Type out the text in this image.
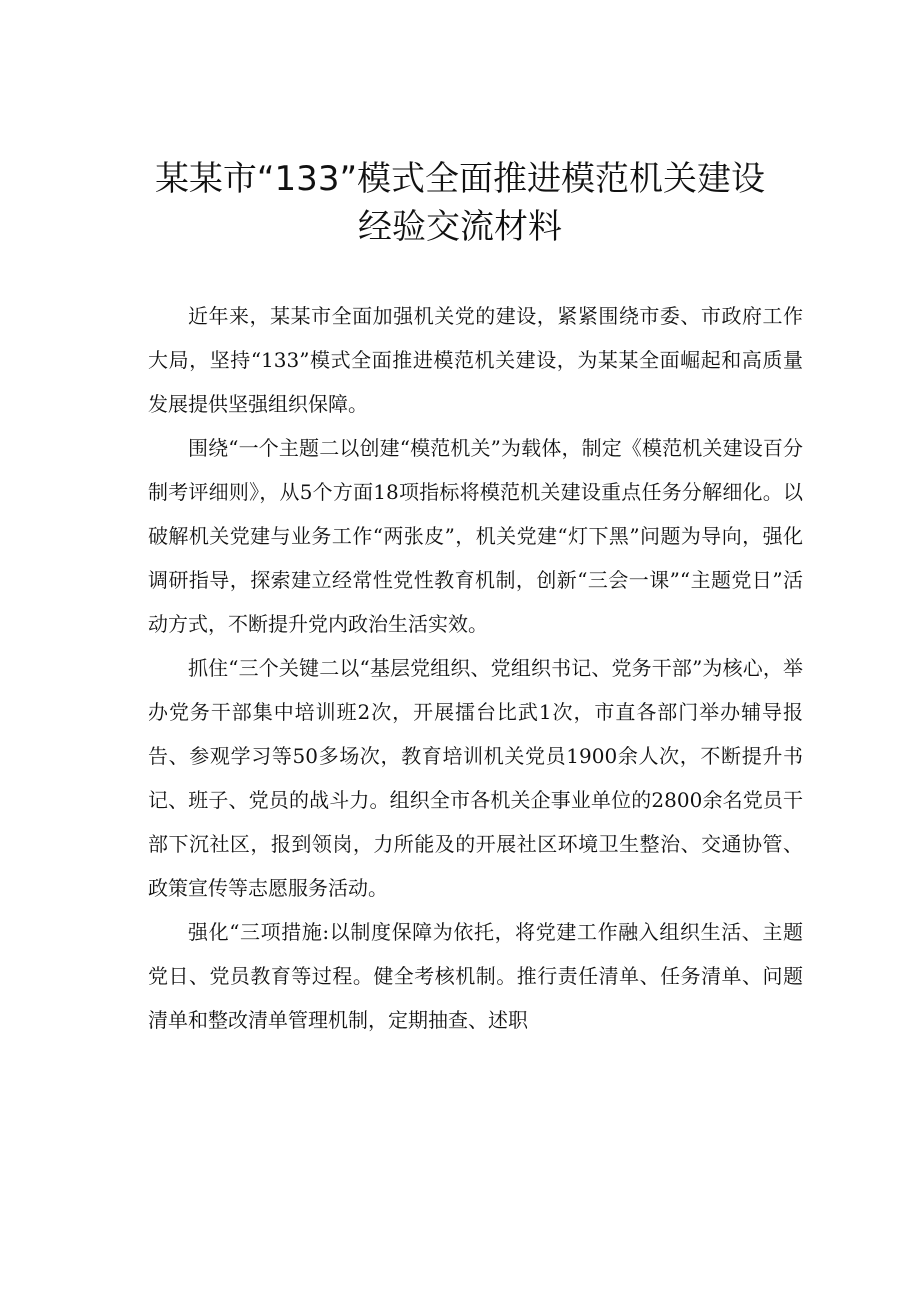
某某市“133”模式全面推进模范机关建设
经验交流材料

近年来，某某市全面加强机关党的建设，紧紧围绕市委、市政府工作大局，坚持“133”模式全面推进模范机关建设，为某某全面崛起和高质量发展提供坚强组织保障。

围绕“一个主题二以创建“模范机关”为载体，制定《模范机关建设百分制考评细则》，从5个方面18项指标将模范机关建设重点任务分解细化。以破解机关党建与业务工作“两张皮”，机关党建“灯下黑”问题为导向，强化调研指导，探索建立经常性党性教育机制，创新“三会一课”“主题党日”活动方式，不断提升党内政治生活实效。

抓住“三个关键二以“基层党组织、党组织书记、党务干部”为核心，举办党务干部集中培训班2次，开展擂台比武1次，市直各部门举办辅导报告、参观学习等50多场次，教育培训机关党员1900余人次，不断提升书记、班子、党员的战斗力。组织全市各机关企事业单位的2800余名党员干部下沉社区，报到领岗，力所能及的开展社区环境卫生整治、交通协管、政策宣传等志愿服务活动。

强化“三项措施:以制度保障为依托，将党建工作融入组织生活、主题党日、党员教育等过程。健全考核机制。推行责任清单、任务清单、问题清单和整改清单管理机制，定期抽查、述职
